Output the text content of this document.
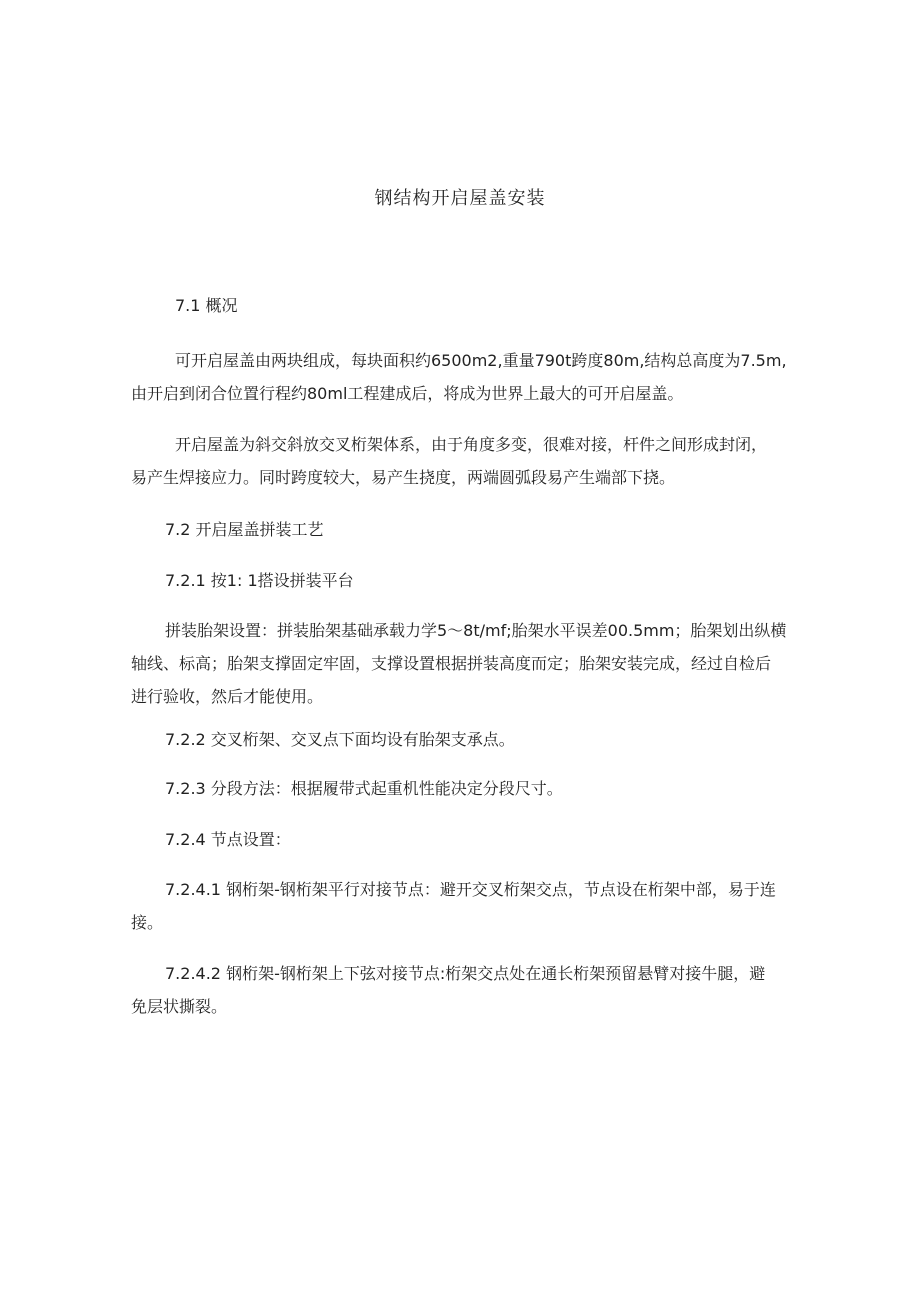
钢结构开启屋盖安装
7.1 概况
可开启屋盖由两块组成，每块面积约6500m2,重量790t跨度80m,结构总高度为7.5m,
由开启到闭合位置行程约80ml工程建成后，将成为世界上最大的可开启屋盖。
开启屋盖为斜交斜放交叉桁架体系，由于角度多变，很难对接，杆件之间形成封闭，
易产生焊接应力。同时跨度较大，易产生挠度，两端圆弧段易产生端部下挠。
7.2 开启屋盖拼装工艺
7.2.1 按1: 1搭设拼装平台
拼装胎架设置：拼装胎架基础承载力学5〜8t/mf;胎架水平误差00.5mm；胎架划出纵横
轴线、标高；胎架支撑固定牢固，支撑设置根据拼装高度而定；胎架安装完成，经过自检后
进行验收，然后才能使用。
7.2.2 交叉桁架、交叉点下面均设有胎架支承点。
7.2.3 分段方法：根据履带式起重机性能决定分段尺寸。
7.2.4 节点设置：
7.2.4.1 钢桁架-钢桁架平行对接节点：避开交叉桁架交点，节点设在桁架中部，易于连
接。
7.2.4.2 钢桁架-钢桁架上下弦对接节点:桁架交点处在通长桁架预留悬臂对接牛腿，避
免层状撕裂。
